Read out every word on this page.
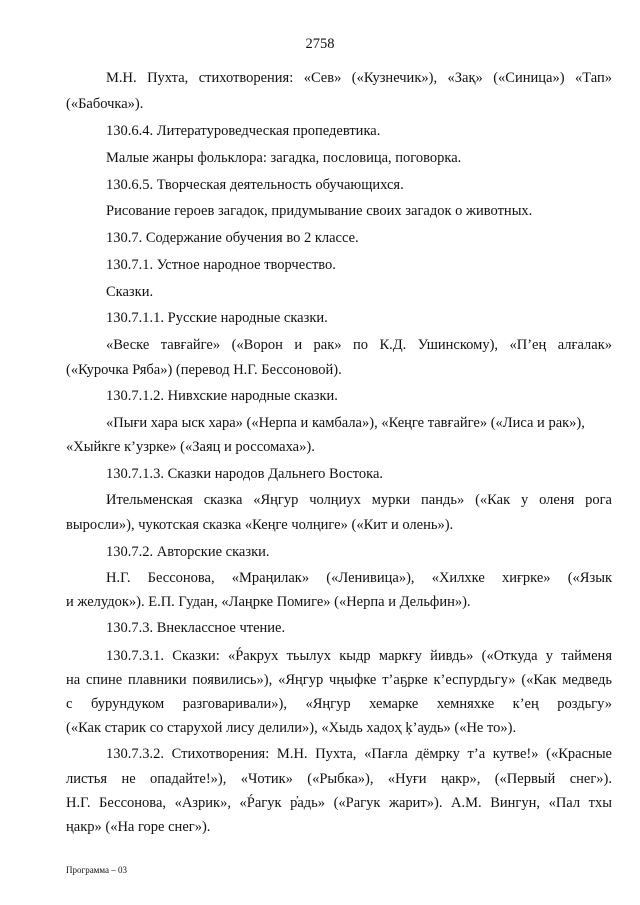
2758
М.Н. Пухта, стихотворения: «Сев» («Кузнечик»), «Зақ» («Синица») «Тап»
(«Бабочка»).
130.6.4. Литературоведческая пропедевтика.
Малые жанры фольклора: загадка, пословица, поговорка.
130.6.5. Творческая деятельность обучающихся.
Рисование героев загадок, придумывание своих загадок о животных.
130.7. Содержание обучения во 2 классе.
130.7.1. Устное народное творчество.
Сказки.
130.7.1.1. Русские народные сказки.
«Веске тавғайге» («Ворон и рак» по К.Д. Ушинскому), «П’ең алғалак»
(«Курочка Ряба») (перевод Н.Г. Бессоновой).
130.7.1.2. Нивхские народные сказки.
«Пығи хара ыск хара» («Нерпа и камбала»), «Кеңге тавғайге» («Лиса и рак»),
«Хыйкге к’узрке» («Заяц и россомаха»).
130.7.1.3. Сказки народов Дальнего Востока.
Ительменская сказка «Яңгур чолңиух мурки пандь» («Как у оленя рога
выросли»), чукотская сказка «Кеңге чолңиге» («Кит и олень»).
130.7.2. Авторские сказки.
Н.Г. Бессонова, «Мраңилак» («Ленивица»), «Хилхке хиғрке» («Язык
и желудок»). Е.П. Гудан, «Лаңрке Помиге» («Нерпа и Дельфин»).
130.7.3. Внеклассное чтение.
130.7.3.1. Сказки: «Ṕакрух тьылух кыдр маркғу йивдь» («Откуда у тайменя
на спине плавники появились»), «Яңгур чңыфке т’аҕрке к’еспурдьгу» («Как медведь
с бурундуком разговаривали»), «Яңгур хемарке хемняхке к’ең роздьгу»
(«Как старик со старухой лису делили»), «Хыдь хадоҳ ķ’аудь» («Не то»).
130.7.3.2. Стихотворения: М.Н. Пухта, «Пағла дёмрку т’а кутве!» («Красные
листья не опадайте!»), «Чотик» («Рыбка»), «Нуғи ңакр», («Первый снег»).
Н.Г. Бессонова, «Азрик», «Ṕагук р̓адь» («Рагук жарит»). А.М. Вингун, «Пал тхы
ңакр» («На горе снег»).
Программа – 03
